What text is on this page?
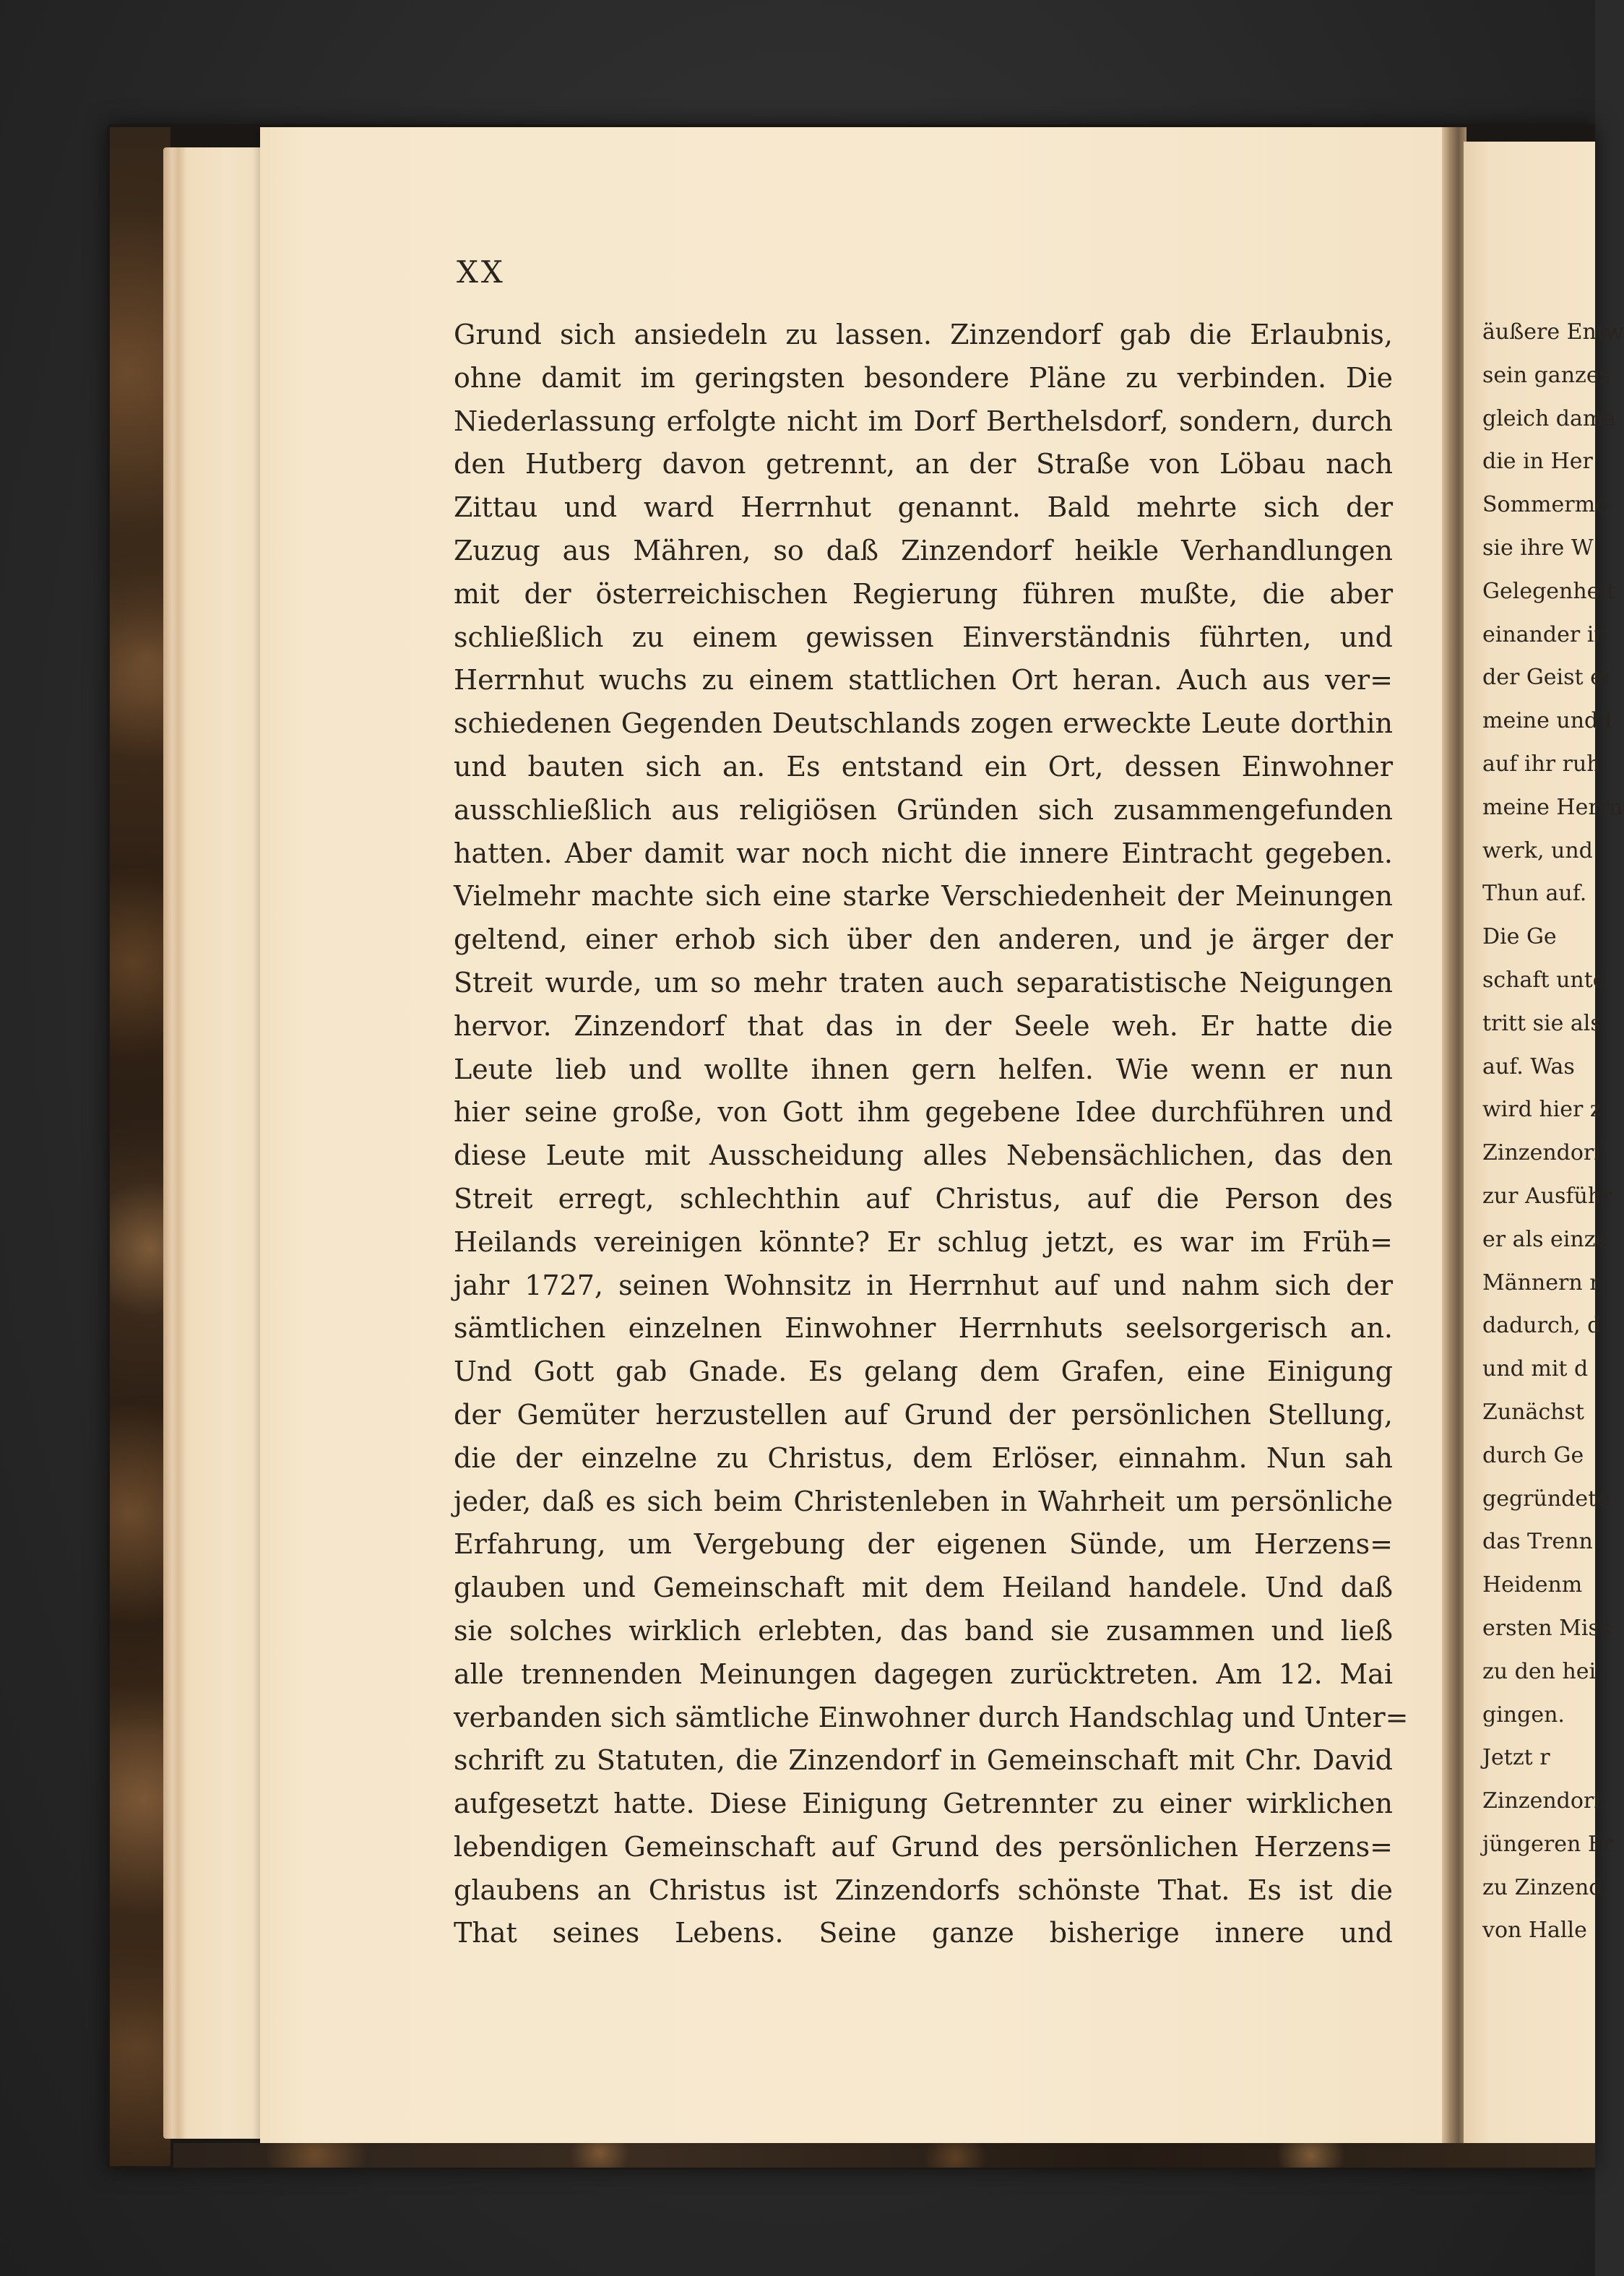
XX
Grund sich ansiedeln zu lassen. Zinzendorf gab die Erlaubnis,
ohne damit im geringsten besondere Pläne zu verbinden. Die
Niederlassung erfolgte nicht im Dorf Berthelsdorf, sondern, durch
den Hutberg davon getrennt, an der Straße von Löbau nach
Zittau und ward Herrnhut genannt. Bald mehrte sich der
Zuzug aus Mähren, so daß Zinzendorf heikle Verhandlungen
mit der österreichischen Regierung führen mußte, die aber
schließlich zu einem gewissen Einverständnis führten, und
Herrnhut wuchs zu einem stattlichen Ort heran. Auch aus ver=
schiedenen Gegenden Deutschlands zogen erweckte Leute dorthin
und bauten sich an. Es entstand ein Ort, dessen Einwohner
ausschließlich aus religiösen Gründen sich zusammengefunden
hatten. Aber damit war noch nicht die innere Eintracht gegeben.
Vielmehr machte sich eine starke Verschiedenheit der Meinungen
geltend, einer erhob sich über den anderen, und je ärger der
Streit wurde, um so mehr traten auch separatistische Neigungen
hervor. Zinzendorf that das in der Seele weh. Er hatte die
Leute lieb und wollte ihnen gern helfen. Wie wenn er nun
hier seine große, von Gott ihm gegebene Idee durchführen und
diese Leute mit Ausscheidung alles Nebensächlichen, das den
Streit erregt, schlechthin auf Christus, auf die Person des
Heilands vereinigen könnte? Er schlug jetzt, es war im Früh=
jahr 1727, seinen Wohnsitz in Herrnhut auf und nahm sich der
sämtlichen einzelnen Einwohner Herrnhuts seelsorgerisch an.
Und Gott gab Gnade. Es gelang dem Grafen, eine Einigung
der Gemüter herzustellen auf Grund der persönlichen Stellung,
die der einzelne zu Christus, dem Erlöser, einnahm. Nun sah
jeder, daß es sich beim Christenleben in Wahrheit um persönliche
Erfahrung, um Vergebung der eigenen Sünde, um Herzens=
glauben und Gemeinschaft mit dem Heiland handele. Und daß
sie solches wirklich erlebten, das band sie zusammen und ließ
alle trennenden Meinungen dagegen zurücktreten. Am 12. Mai
verbanden sich sämtliche Einwohner durch Handschlag und Unter=
schrift zu Statuten, die Zinzendorf in Gemeinschaft mit Chr. David
aufgesetzt hatte. Diese Einigung Getrennter zu einer wirklichen
lebendigen Gemeinschaft auf Grund des persönlichen Herzens=
glaubens an Christus ist Zinzendorfs schönste That. Es ist die
That seines Lebens. Seine ganze bisherige innere und
äußere Entw
sein ganzes
gleich dama
die in Her
Sommermo
sie ihre W
Gelegenheit
einander in
der Geist ei
meine und l
auf ihr ruh
meine Herrn
werk, und
Thun auf.
Die Ge
schaft unte
tritt sie als
auf. Was
wird hier z
Zinzendorf
zur Ausführ
er als einze
Männern r
dadurch, d
und mit d
Zunächst
durch Ge
gegründete
das Trenn
Heidenm
ersten Miss
zu den hei
gingen.
Jetzt r
Zinzendorf.
jüngeren Fr
zu Zinzend
von Halle
